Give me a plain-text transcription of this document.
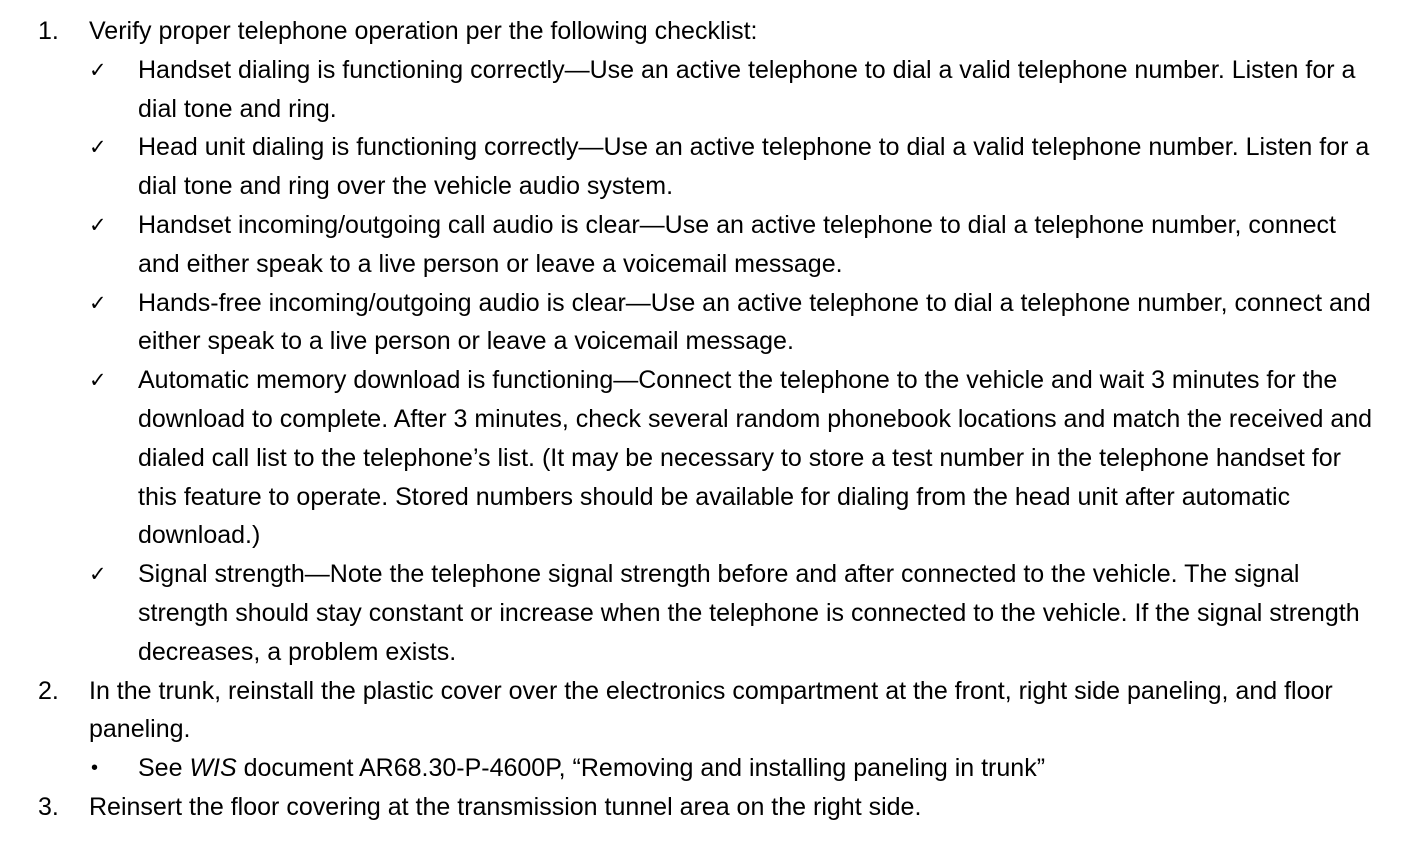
1. Verify proper telephone operation per the following checklist:
✓ Handset dialing is functioning correctly—Use an active telephone to dial a valid telephone number. Listen for a dial tone and ring.
✓ Head unit dialing is functioning correctly—Use an active telephone to dial a valid telephone number. Listen for a dial tone and ring over the vehicle audio system.
✓ Handset incoming/outgoing call audio is clear—Use an active telephone to dial a telephone number, connect and either speak to a live person or leave a voicemail message.
✓ Hands-free incoming/outgoing audio is clear—Use an active telephone to dial a telephone number, connect and either speak to a live person or leave a voicemail message.
✓ Automatic memory download is functioning—Connect the telephone to the vehicle and wait 3 minutes for the download to complete. After 3 minutes, check several random phonebook locations and match the received and dialed call list to the telephone’s list. (It may be necessary to store a test number in the telephone handset for this feature to operate. Stored numbers should be available for dialing from the head unit after automatic download.)
✓ Signal strength—Note the telephone signal strength before and after connected to the vehicle. The signal strength should stay constant or increase when the telephone is connected to the vehicle. If the signal strength decreases, a problem exists.
2. In the trunk, reinstall the plastic cover over the electronics compartment at the front, right side paneling, and floor paneling.
• See WIS document AR68.30-P-4600P, “Removing and installing paneling in trunk”
3. Reinsert the floor covering at the transmission tunnel area on the right side.
